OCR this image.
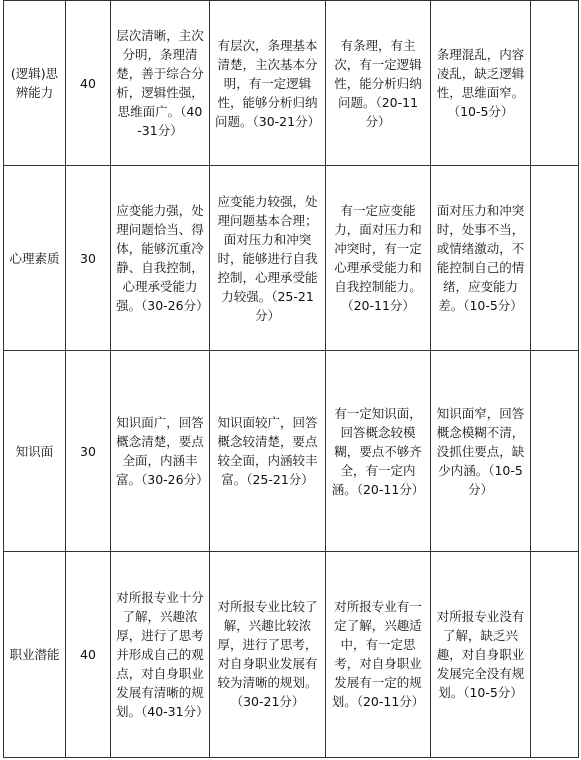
(逻辑)思辨能力	40	层次清晰，主次分明，条理清楚，善于综合分析，逻辑性强，思维面广。（40-31分）	有层次，条理基本清楚，主次基本分明，有一定逻辑性，能够分析归纳问题。（30-21分）	有条理，有主次，有一定逻辑性，能分析归纳问题。（20-11分）	条理混乱，内容凌乱，缺乏逻辑性，思维面窄。（10-5分）	
心理素质	30	应变能力强，处理问题恰当、得体，能够沉重冷静、自我控制，心理承受能力强。（30-26分）	应变能力较强，处理问题基本合理；面对压力和冲突时，能够进行自我控制，心理承受能力较强。（25-21分）	有一定应变能力，面对压力和冲突时，有一定心理承受能力和自我控制能力。（20-11分）	面对压力和冲突时，处事不当，或情绪激动，不能控制自己的情绪，应变能力差。（10-5分）	
知识面	30	知识面广，回答概念清楚，要点全面，内涵丰富。（30-26分）	知识面较广，回答概念较清楚，要点较全面，内涵较丰富。（25-21分）	有一定知识面，回答概念较模糊，要点不够齐全，有一定内涵。（20-11分）	知识面窄，回答概念模糊不清，没抓住要点，缺少内涵。（10-5分）	
职业潜能	40	对所报专业十分了解，兴趣浓厚，进行了思考并形成自己的观点，对自身职业发展有清晰的规划。（40-31分）	对所报专业比较了解，兴趣比较浓厚，进行了思考，对自身职业发展有较为清晰的规划。（30-21分）	对所报专业有一定了解，兴趣适中，有一定思考，对自身职业发展有一定的规划。（20-11分）	对所报专业没有了解，缺乏兴趣，对自身职业发展完全没有规划。（10-5分）	
